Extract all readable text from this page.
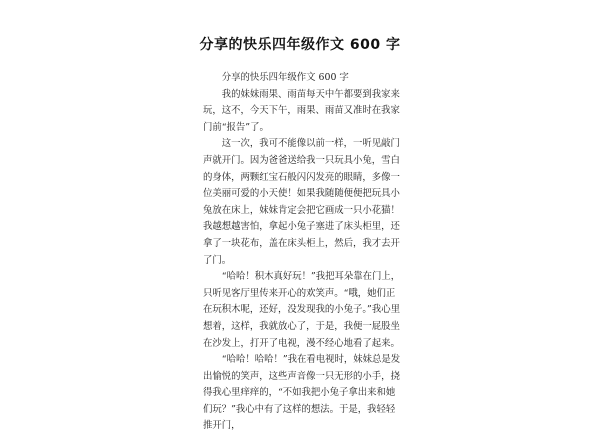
分享的快乐四年级作文 600 字

分享的快乐四年级作文 600 字

我的妹妹雨果、雨苗每天中午都要到我家来玩，这不，今天下午，雨果、雨苗又准时在我家门前“报告”了。

这一次，我可不能像以前一样，一听见敲门声就开门。因为爸爸送给我一只玩具小兔，雪白的身体，两颗红宝石般闪闪发亮的眼睛，多像一位美丽可爱的小天使！如果我随随便便把玩具小兔放在床上，妹妹肯定会把它画成一只小花猫！我越想越害怕，拿起小兔子塞进了床头柜里，还拿了一块花布，盖在床头柜上，然后，我才去开了门。

“哈哈！积木真好玩！”我把耳朵靠在门上，只听见客厅里传来开心的欢笑声。“哦，她们正在玩积木呢，还好，没发现我的小兔子。”我心里想着，这样，我就放心了，于是，我便一屁股坐在沙发上，打开了电视，漫不经心地看了起来。

“哈哈！哈哈！”我在看电视时，妹妹总是发出愉悦的笑声，这些声音像一只无形的小手，挠得我心里痒痒的，“不如我把小兔子拿出来和她们玩？”我心中有了这样的想法。于是，我轻轻推开门，
